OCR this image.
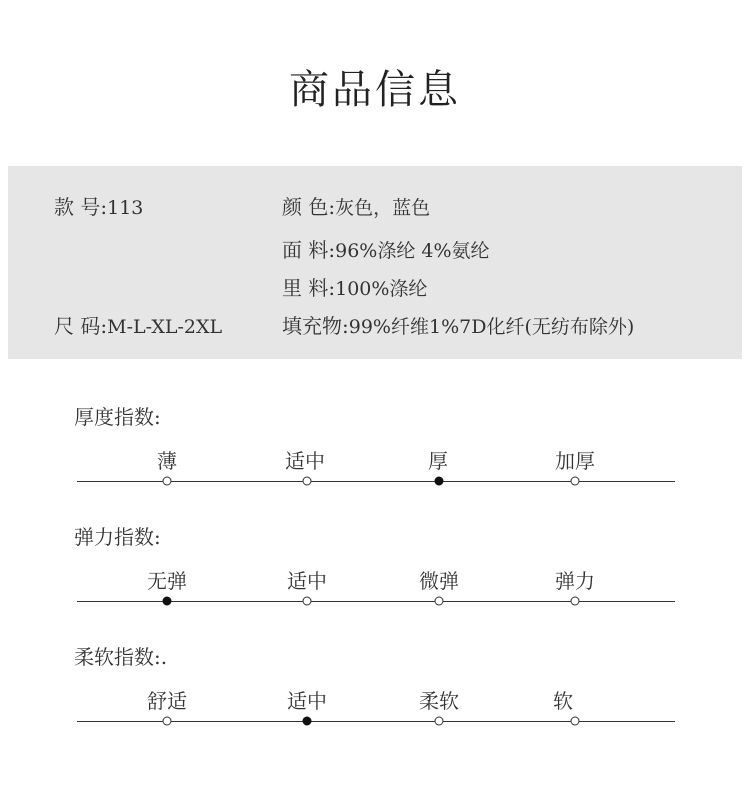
商品信息
款 号:113	颜 色:灰色，蓝色
面 料:96%涤纶 4%氨纶
里 料:100%涤纶
尺 码:M-L-XL-2XL	填充物:99%纤维1%7D化纤(无纺布除外)
厚度指数:
薄	适中	厚	加厚
弹力指数:
无弹	适中	微弹	弹力
柔软指数:.
舒适	适中	柔软	软
